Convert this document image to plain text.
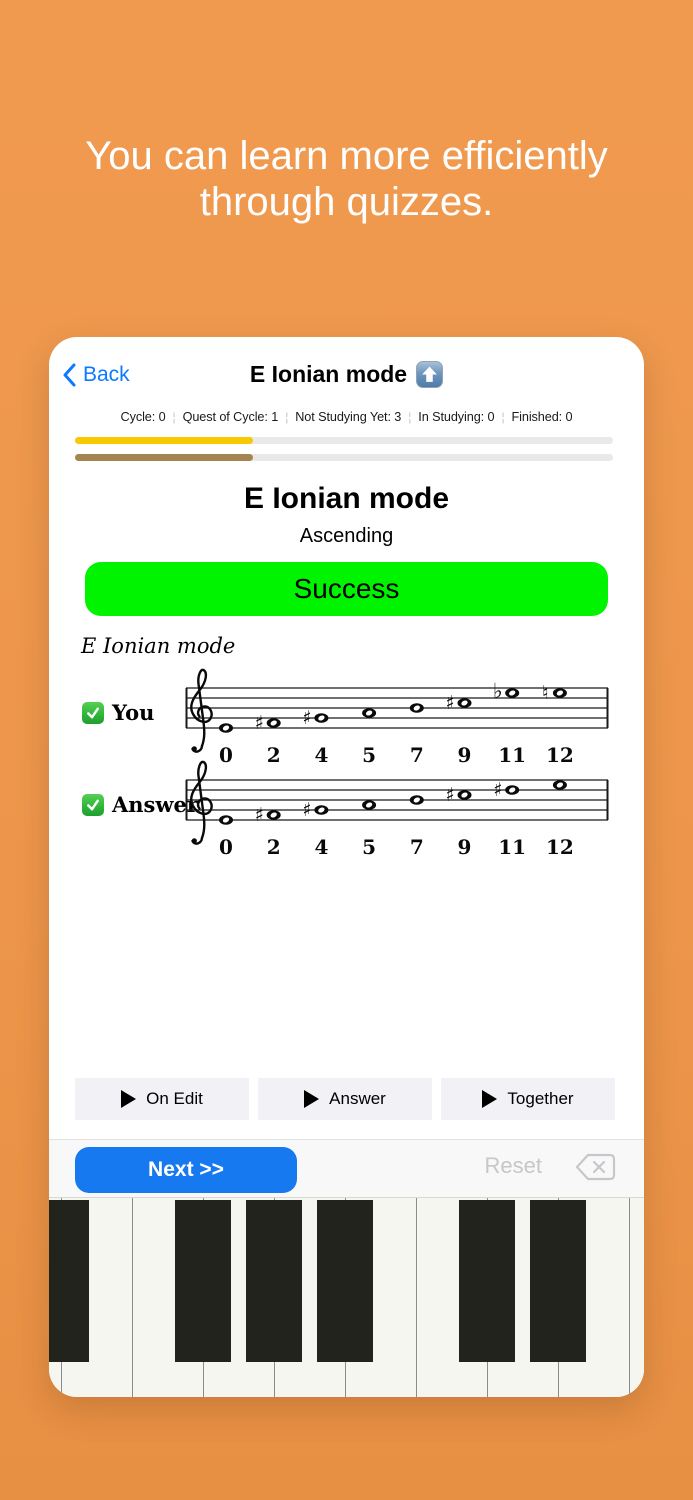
You can learn more efficiently
through quizzes.
E Ionian mode
Back
Cycle: 0 ¦ Quest of Cycle: 1 ¦ Not Studying Yet: 3 ¦ In Studying: 0 ¦ Finished: 0
E Ionian mode
Ascending
Success
E Ionian mode
You
0
♯
2
♯
4 5 7
♯
9
♭
11
♮
12
Answer
0
♯
2
♯
4 5 7
♯
9
♯
11 12
On Edit	Answer	Together
Next >>	Reset
